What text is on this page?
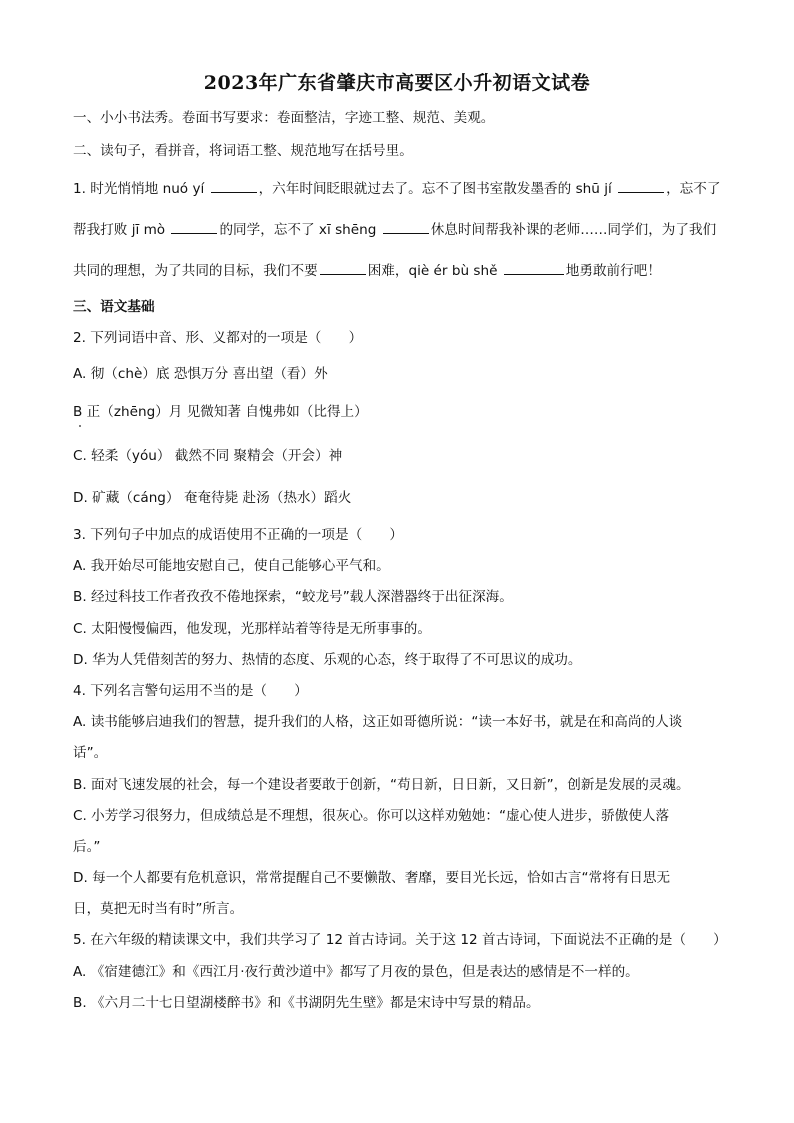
2023年广东省肇庆市高要区小升初语文试卷
一、小小书法秀。卷面书写要求：卷面整洁，字迹工整、规范、美观。
二、读句子，看拼音，将词语工整、规范地写在括号里。
1. 时光悄悄地 nuó yí	，六年时间眨眼就过去了。忘不了图书室散发墨香的 shū jí	，忘不了
帮我打败 jī mò	的同学，忘不了 xī shēng	休息时间帮我补课的老师……同学们，为了我们
共同的理想，为了共同的目标，我们不要	困难，qiè ér bù shě	地勇敢前行吧！
三、语文基础
2. 下列词语中音、形、义都对的一项是（　　）
A. 彻（chè）底 恐惧万分 喜出望（看）外
B 正（zhēng）月 见微知著 自愧弗如（比得上）
C. 轻柔（yóu） 截然不同 聚精会（开会）神
D. 矿藏（cáng） 奄奄待毙 赴汤（热水）蹈火
3. 下列句子中加点的成语使用不正确的一项是（　　）
A. 我开始尽可能地安慰自己，使自己能够心平气和。
B. 经过科技工作者孜孜不倦地探索，“蛟龙号”载人深潜器终于出征深海。
C. 太阳慢慢偏西，他发现，光那样站着等待是无所事事的。
D. 华为人凭借刻苦的努力、热情的态度、乐观的心态，终于取得了不可思议的成功。
4. 下列名言警句运用不当的是（　　）
A. 读书能够启迪我们的智慧，提升我们的人格，这正如哥德所说：“读一本好书，就是在和高尚的人谈
话”。
B. 面对飞速发展的社会，每一个建设者要敢于创新，“苟日新，日日新，又日新”，创新是发展的灵魂。
C. 小芳学习很努力，但成绩总是不理想，很灰心。你可以这样劝勉她：“虚心使人进步，骄傲使人落
后。”
D. 每一个人都要有危机意识，常常提醒自己不要懒散、奢靡，要目光长远，恰如古言“常将有日思无
日，莫把无时当有时”所言。
5. 在六年级的精读课文中，我们共学习了 12 首古诗词。关于这 12 首古诗词，下面说法不正确的是（　　）
A. 《宿建德江》和《西江月·夜行黄沙道中》都写了月夜的景色，但是表达的感情是不一样的。
B. 《六月二十七日望湖楼醉书》和《书湖阴先生壁》都是宋诗中写景的精品。
